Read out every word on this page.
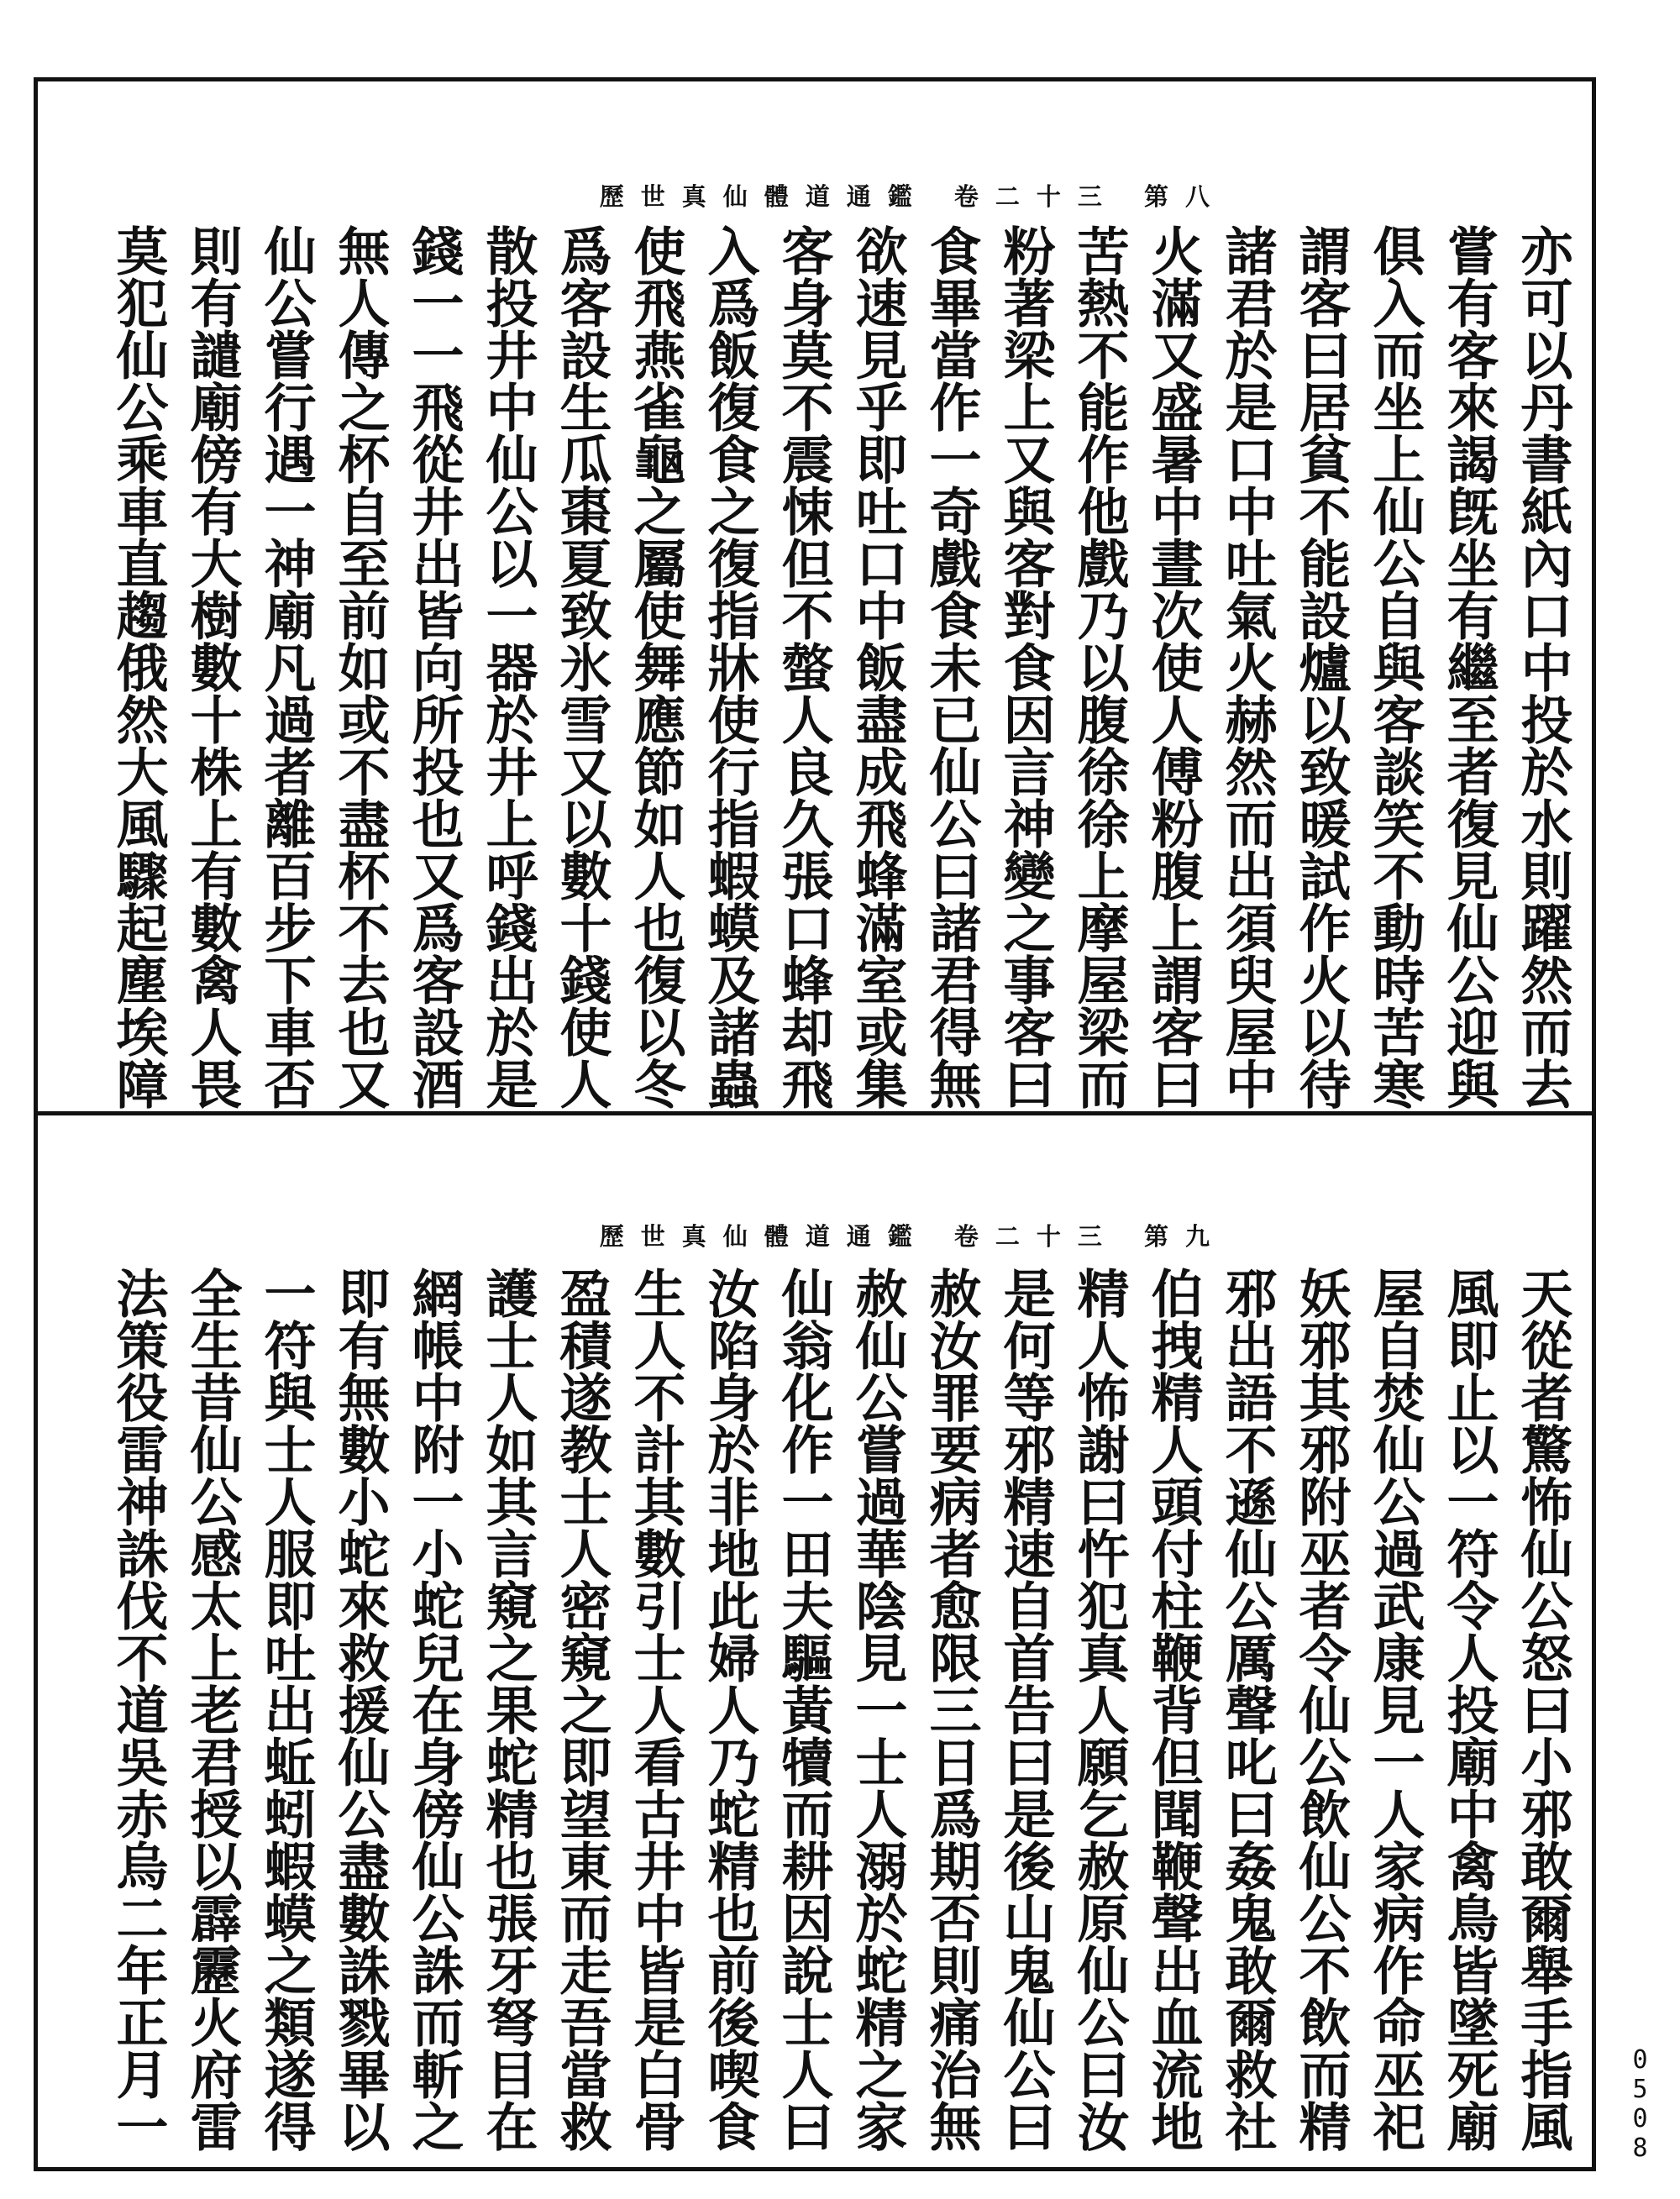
歷世真仙體道通鑑 卷二十三 第八
亦可以丹書紙內口中投於水則躍然而去
嘗有客來謁旣坐有繼至者復見仙公迎與
俱入而坐上仙公自與客談笑不動時苦寒
謂客曰居貧不能設爐以致暖試作火以待
諸君於是口中吐氣火赫然而出須臾屋中
火滿又盛暑中晝次使人傅粉腹上謂客曰
苦熱不能作他戲乃以腹徐徐上摩屋梁而
粉著梁上又與客對食因言神變之事客曰
食畢當作一奇戲食未已仙公曰諸君得無
欲速見乎即吐口中飯盡成飛蜂滿室或集
客身莫不震悚但不螫人良久張口蜂却飛
入爲飯復食之復指牀使行指蝦蟆及諸蟲
使飛燕雀龜之屬使舞應節如人也復以冬
爲客設生瓜棗夏致氷雪又以數十錢使人
散投井中仙公以一器於井上呼錢出於是
錢一一飛從井出皆向所投也又爲客設酒
無人傳之杯自至前如或不盡杯不去也又
仙公嘗行遇一神廟凡過者離百步下車否
則有譴廟傍有大樹數十株上有數禽人畏
莫犯仙公乘車直趨俄然大風驟起塵埃障
歷世真仙體道通鑑 卷二十三 第九
天從者驚怖仙公怒曰小邪敢爾舉手指風
風即止以一符令人投廟中禽鳥皆墜死廟
屋自焚仙公過武康見一人家病作命巫祀
妖邪其邪附巫者令仙公飲仙公不飲而精
邪出語不遜仙公厲聲叱曰姦鬼敢爾救社
伯拽精人頭付柱鞭背但聞鞭聲出血流地
精人怖謝曰忤犯真人願乞赦原仙公曰汝
是何等邪精速自首告曰是後山鬼仙公曰
赦汝罪要病者愈限三日爲期否則痛治無
赦仙公嘗過華陰見一士人溺於蛇精之家
仙翁化作一田夫驅黃犢而耕因說士人曰
汝陷身於非地此婦人乃蛇精也前後喫食
生人不計其數引士人看古井中皆是白骨
盈積遂教士人密窺之即望東而走吾當救
護士人如其言窺之果蛇精也張牙弩目在
網帳中附一小蛇兒在身傍仙公誅而斬之
即有無數小蛇來救援仙公盡數誅戮畢以
一符與士人服即吐出蚯蚓蝦蟆之類遂得
全生昔仙公感太上老君授以霹靂火府雷
法策役雷神誅伐不道吳赤烏二年正月一	0508
